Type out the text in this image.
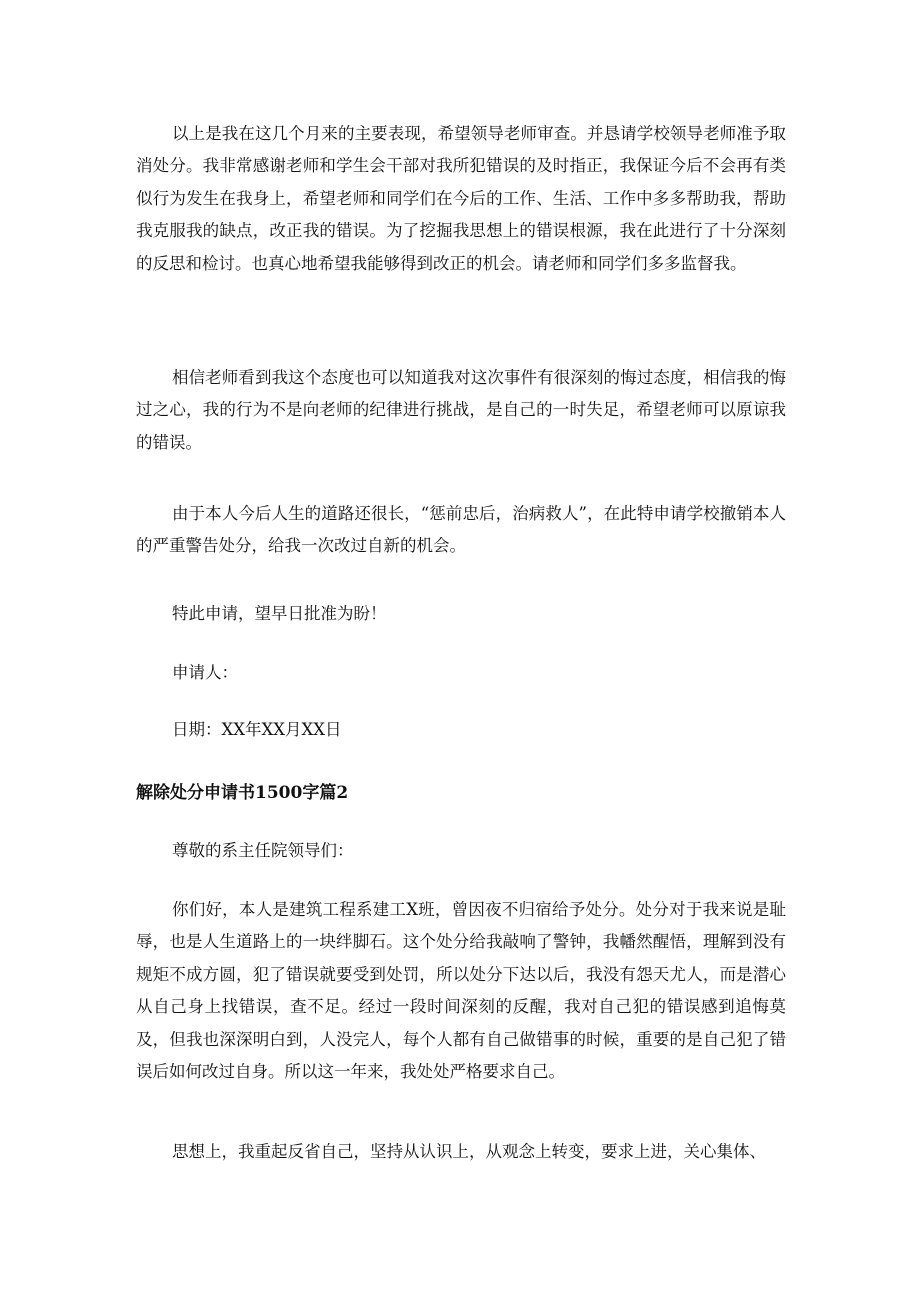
以上是我在这几个月来的主要表现，希望领导老师审查。并恳请学校领导老师准予取消处分。我非常感谢老师和学生会干部对我所犯错误的及时指正，我保证今后不会再有类似行为发生在我身上，希望老师和同学们在今后的工作、生活、工作中多多帮助我，帮助我克服我的缺点，改正我的错误。为了挖掘我思想上的错误根源，我在此进行了十分深刻的反思和检讨。也真心地希望我能够得到改正的机会。请老师和同学们多多监督我。

相信老师看到我这个态度也可以知道我对这次事件有很深刻的悔过态度，相信我的悔过之心，我的行为不是向老师的纪律进行挑战，是自己的一时失足，希望老师可以原谅我的错误。

由于本人今后人生的道路还很长，“惩前忠后，治病救人”，在此特申请学校撤销本人的严重警告处分，给我一次改过自新的机会。

特此申请，望早日批准为盼！

申请人：

日期：XX年XX月XX日

解除处分申请书1500字篇2

尊敬的系主任院领导们：

你们好，本人是建筑工程系建工X班，曾因夜不归宿给予处分。处分对于我来说是耻辱，也是人生道路上的一块绊脚石。这个处分给我敲响了警钟，我幡然醒悟，理解到没有规矩不成方圆，犯了错误就要受到处罚，所以处分下达以后，我没有怨天尤人，而是潜心从自己身上找错误，查不足。经过一段时间深刻的反醒，我对自己犯的错误感到追悔莫及，但我也深深明白到，人没完人，每个人都有自己做错事的时候，重要的是自己犯了错误后如何改过自身。所以这一年来，我处处严格要求自己。

思想上，我重起反省自己，坚持从认识上，从观念上转变，要求上进，关心集体、
